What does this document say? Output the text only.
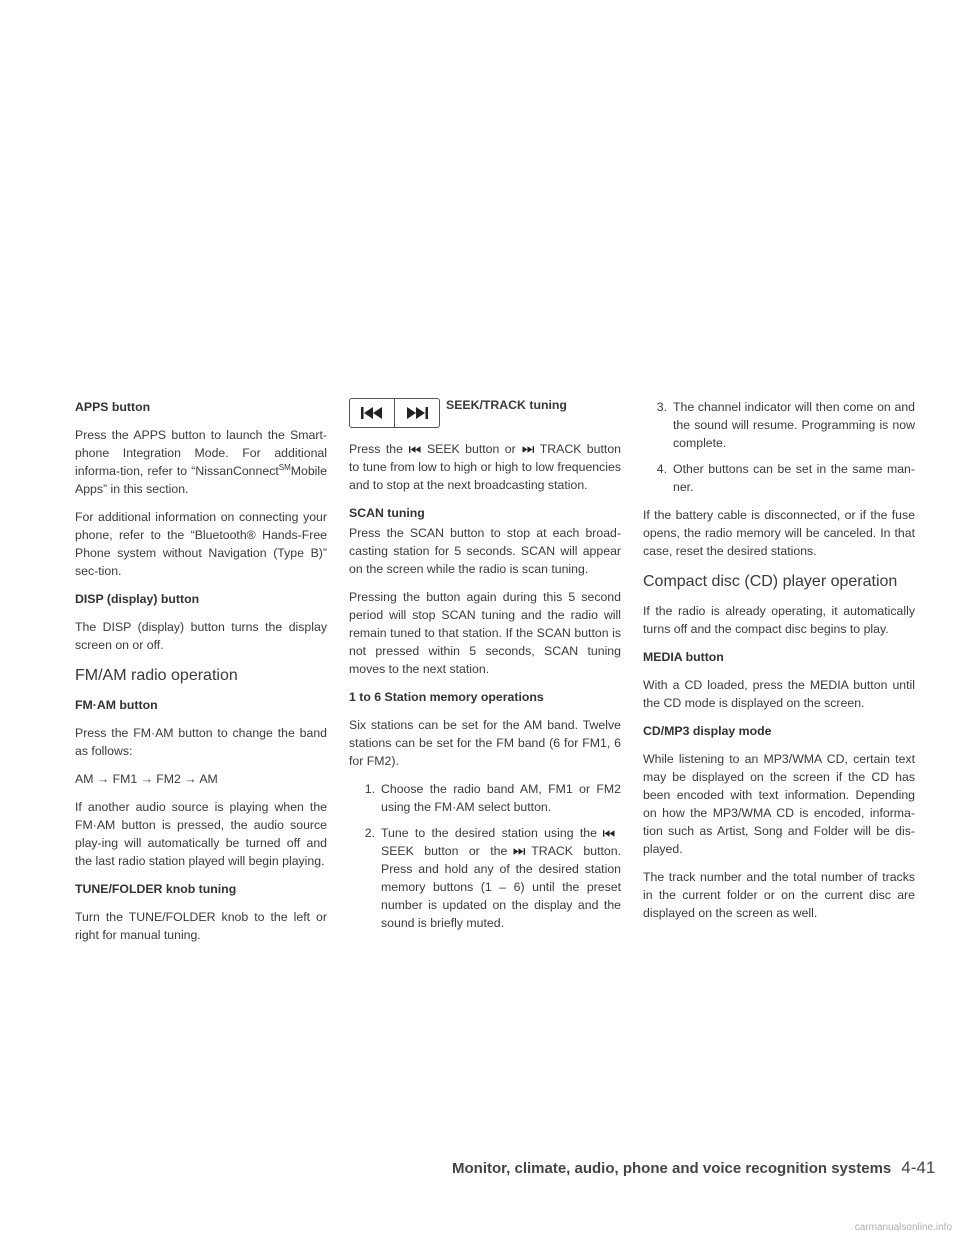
APPS button

Press the APPS button to launch the Smart-phone Integration Mode. For additional informa-tion, refer to “NissanConnect℠Mobile Apps” in this section.

For additional information on connecting your phone, refer to the “Bluetooth® Hands-Free Phone system without Navigation (Type B)” sec-tion.

DISP (display) button

The DISP (display) button turns the display screen on or off.

FM/AM radio operation
FM·AM button

Press the FM·AM button to change the band as follows:

AM → FM1 → FM2 → AM

If another audio source is playing when the FM·AM button is pressed, the audio source play-ing will automatically be turned off and the last radio station played will begin playing.

TUNE/FOLDER knob tuning

Turn the TUNE/FOLDER knob to the left or right for manual tuning.

SEEK/TRACK tuning

Press the SEEK button or TRACK button to tune from low to high or high to low frequencies and to stop at the next broadcasting station.

SCAN tuning

Press the SCAN button to stop at each broad-casting station for 5 seconds. SCAN will appear on the screen while the radio is scan tuning.

Pressing the button again during this 5 second period will stop SCAN tuning and the radio will remain tuned to that station. If the SCAN button is not pressed within 5 seconds, SCAN tuning moves to the next station.

1 to 6 Station memory operations

Six stations can be set for the AM band. Twelve stations can be set for the FM band (6 for FM1, 6 for FM2).

1. Choose the radio band AM, FM1 or FM2 using the FM·AM select button.
2. Tune to the desired station using theSEEK button or the TRACK button. Press and hold any of the desired station memory buttons (1 – 6) until the preset number is updated on the display and the sound is briefly muted.
3. The channel indicator will then come on and the sound will resume. Programming is now complete.
4. Other buttons can be set in the same man-ner.

If the battery cable is disconnected, or if the fuse opens, the radio memory will be canceled. In that case, reset the desired stations.

Compact disc (CD) player operation

If the radio is already operating, it automatically turns off and the compact disc begins to play.

MEDIA button

With a CD loaded, press the MEDIA button until the CD mode is displayed on the screen.

CD/MP3 display mode

While listening to an MP3/WMA CD, certain text may be displayed on the screen if the CD has been encoded with text information. Depending on how the MP3/WMA CD is encoded, informa-tion such as Artist, Song and Folder will be dis-played.

The track number and the total number of tracks in the current folder or on the current disc are displayed on the screen as well.

Monitor, climate, audio, phone and voice recognition systems 4-41
carmanualsonline.info
